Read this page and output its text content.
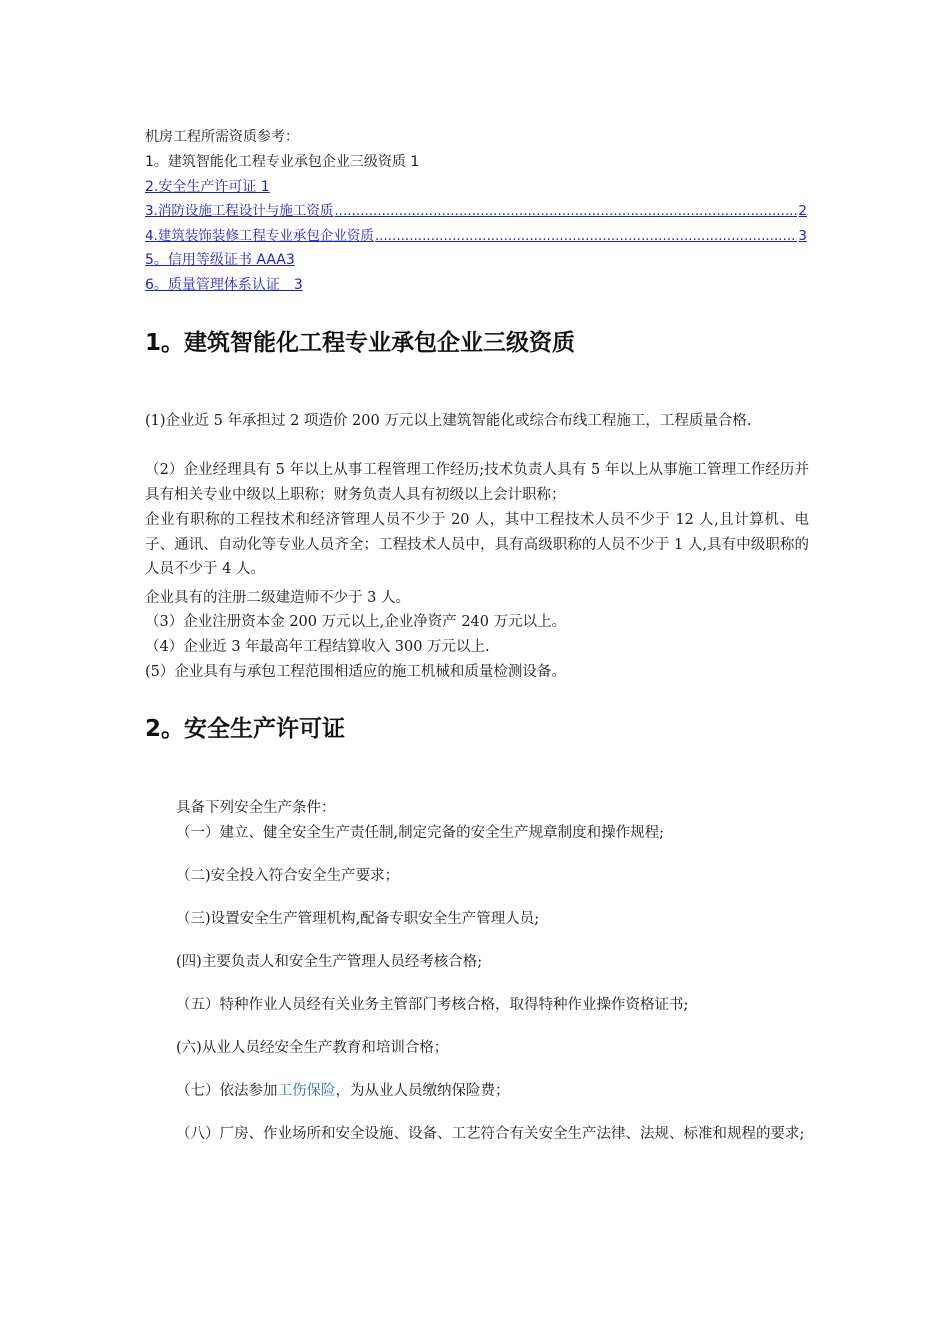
机房工程所需资质参考：
1。建筑智能化工程专业承包企业三级资质 1
2.安全生产许可证 1
3.消防设施工程设计与施工资质 .....	2
4.建筑装饰装修工程专业承包企业资质 .....	3
5。信用等级证书 AAA3
6。质量管理体系认证　3
1。建筑智能化工程专业承包企业三级资质
(1)企业近 5 年承担过 2 项造价 200 万元以上建筑智能化或综合布线工程施工，工程质量合格.
（2）企业经理具有 5 年以上从事工程管理工作经历;技术负责人具有 5 年以上从事施工管理工作经历并具有相关专业中级以上职称；财务负责人具有初级以上会计职称；
企业有职称的工程技术和经济管理人员不少于 20 人，其中工程技术人员不少于 12 人,且计算机、电子、通讯、自动化等专业人员齐全；工程技术人员中，具有高级职称的人员不少于 1 人,具有中级职称的人员不少于 4 人。
企业具有的注册二级建造师不少于 3 人。
（3）企业注册资本金 200 万元以上,企业净资产 240 万元以上。
（4）企业近 3 年最高年工程结算收入 300 万元以上.
(5）企业具有与承包工程范围相适应的施工机械和质量检测设备。
2。安全生产许可证
具备下列安全生产条件：
（一）建立、健全安全生产责任制,制定完备的安全生产规章制度和操作规程;
（二)安全投入符合安全生产要求；
（三)设置安全生产管理机构,配备专职安全生产管理人员;
(四)主要负责人和安全生产管理人员经考核合格;
（五）特种作业人员经有关业务主管部门考核合格，取得特种作业操作资格证书;
(六)从业人员经安全生产教育和培训合格；
（七）依法参加工伤保险，为从业人员缴纳保险费；
（八）厂房、作业场所和安全设施、设备、工艺符合有关安全生产法律、法规、标准和规程的要求;
